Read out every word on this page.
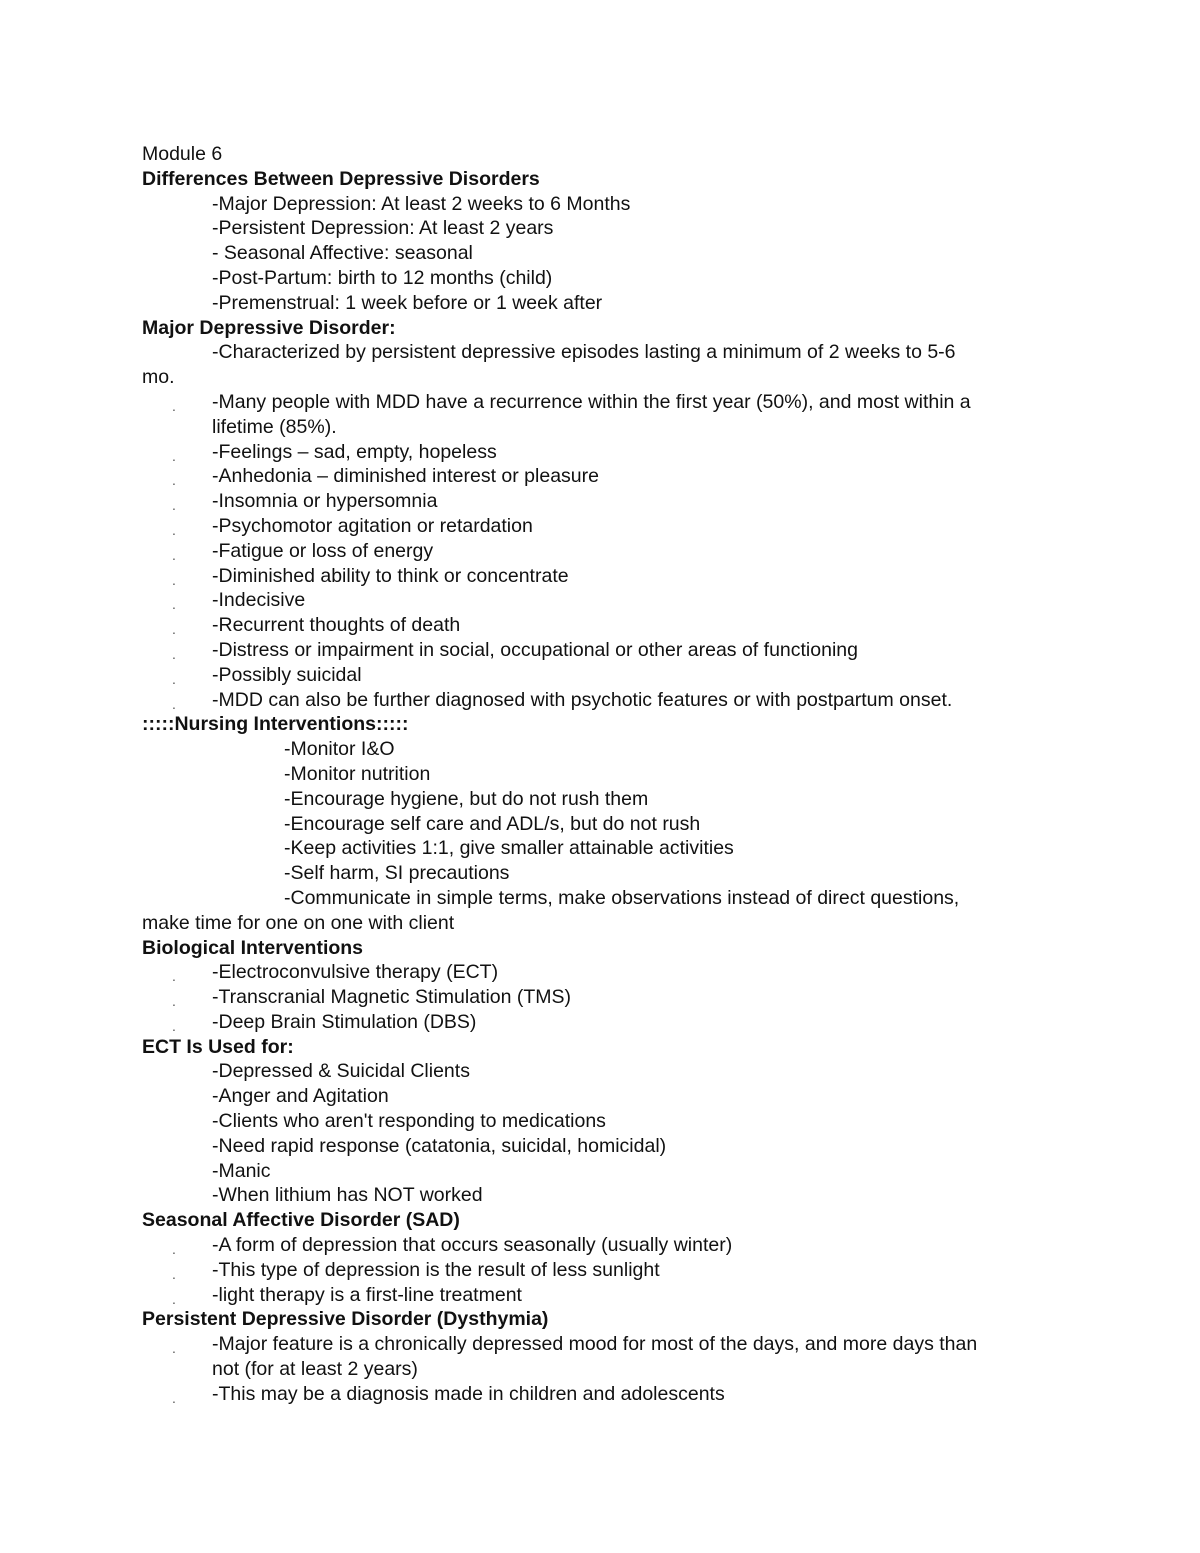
Module 6
Differences Between Depressive Disorders
-Major Depression: At least 2 weeks to 6 Months
-Persistent Depression: At least 2 years
- Seasonal Affective: seasonal
-Post-Partum: birth to 12 months (child)
-Premenstrual: 1 week before or 1 week after
Major Depressive Disorder:
-Characterized by persistent depressive episodes lasting a minimum of 2 weeks to 5-6
mo.
. -Many people with MDD have a recurrence within the first year (50%), and most within a
lifetime (85%).
. -Feelings – sad, empty, hopeless
. -Anhedonia – diminished interest or pleasure
. -Insomnia or hypersomnia
. -Psychomotor agitation or retardation
. -Fatigue or loss of energy
. -Diminished ability to think or concentrate
. -Indecisive
. -Recurrent thoughts of death
. -Distress or impairment in social, occupational or other areas of functioning
. -Possibly suicidal
. -MDD can also be further diagnosed with psychotic features or with postpartum onset.
:::::Nursing Interventions:::::
-Monitor I&O
-Monitor nutrition
-Encourage hygiene, but do not rush them
-Encourage self care and ADL/s, but do not rush
-Keep activities 1:1, give smaller attainable activities
-Self harm, SI precautions
-Communicate in simple terms, make observations instead of direct questions,
make time for one on one with client
Biological Interventions
. -Electroconvulsive therapy (ECT)
. -Transcranial Magnetic Stimulation (TMS)
. -Deep Brain Stimulation (DBS)
ECT Is Used for:
-Depressed & Suicidal Clients
-Anger and Agitation
-Clients who aren't responding to medications
-Need rapid response (catatonia, suicidal, homicidal)
-Manic
-When lithium has NOT worked
Seasonal Affective Disorder (SAD)
. -A form of depression that occurs seasonally (usually winter)
. -This type of depression is the result of less sunlight
. -light therapy is a first-line treatment
Persistent Depressive Disorder (Dysthymia)
. -Major feature is a chronically depressed mood for most of the days, and more days than
not (for at least 2 years)
. -This may be a diagnosis made in children and adolescents
